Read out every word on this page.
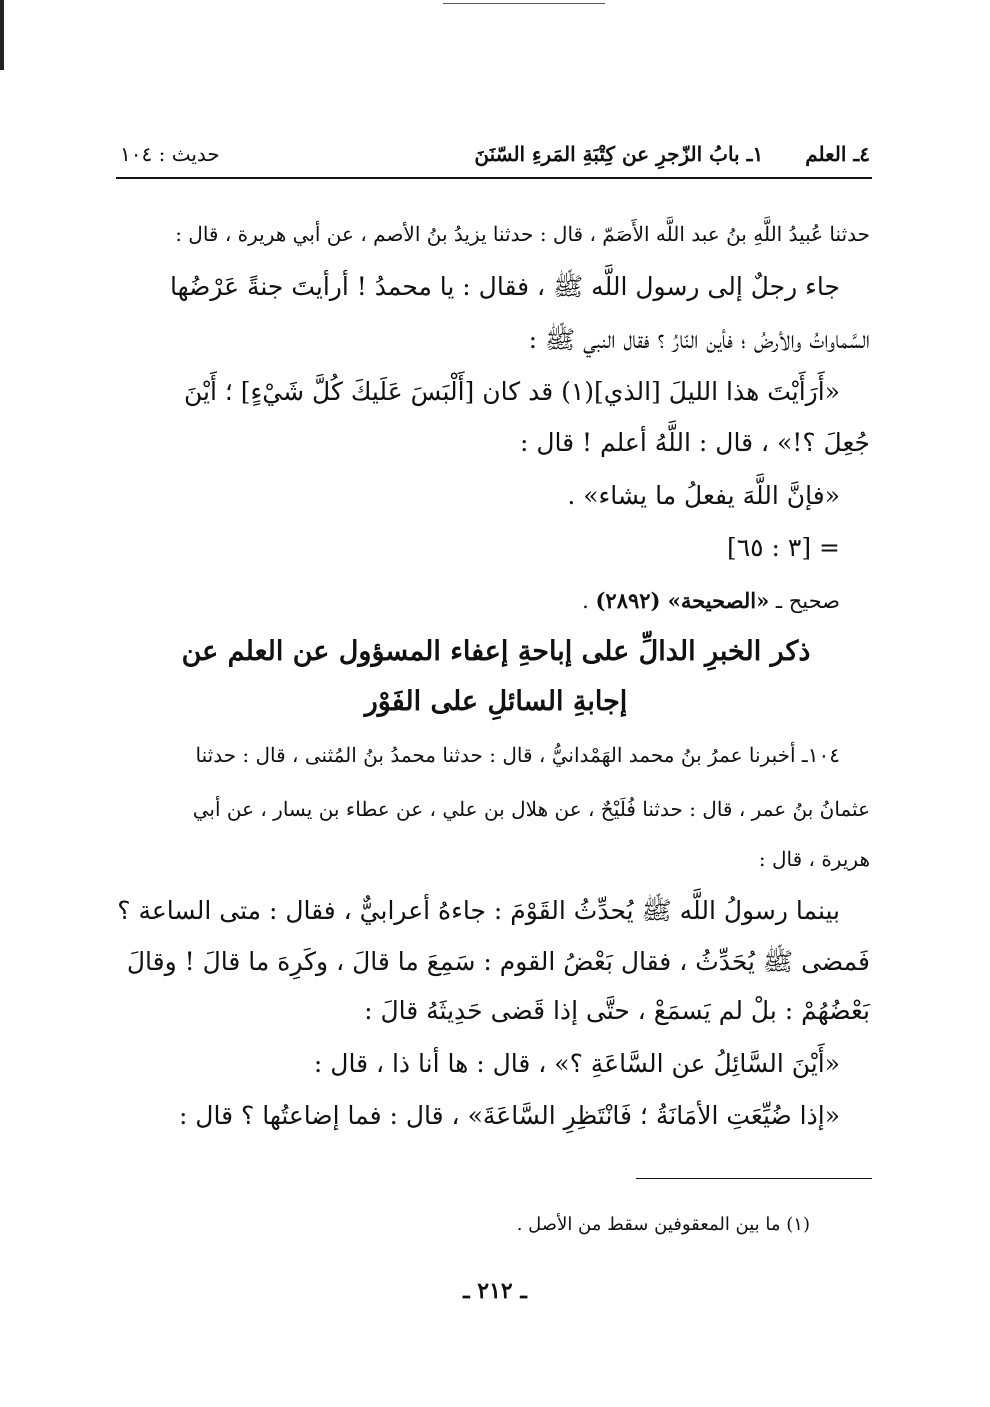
٤ـ العلم
١ـ بابُ الزّجرِ عن كِتْبَةِ المَرءِ السّنَنَ
حديث : ١٠٤
حدثنا عُبيدُ اللَّهِ بنُ عبد اللَّه الأَصَمّ ، قال : حدثنا يزيدُ بنُ الأصم ، عن أبي هريرة ، قال :
جاء رجلٌ إلى رسول اللَّه ﷺ ، فقال : يا محمدُ ! أرأيتَ جنةً عَرْضُها
السَّماواتُ والأرضُ ؛ فأين النّارُ ؟ فقال النبي ﷺ :
«أَرَأَيْتَ هذا الليلَ [الذي](١) قد كان [أَلْبَسَ عَلَيكَ كُلَّ شَيْءٍ] ؛ أَيْنَ
جُعِلَ ؟!» ، قال : اللَّهُ أعلم ! قال :
«فإنَّ اللَّهَ يفعلُ ما يشاء» .
= [٣ : ٦٥]
صحيح ـ «الصحيحة» (٢٨٩٢) .
ذكر الخبرِ الدالِّ على إباحةِ إعفاء المسؤول عن العلم عن
إجابةِ السائلِ على الفَوْر
١٠٤ـ أخبرنا عمرُ بنُ محمد الهَمْدانيُّ ، قال : حدثنا محمدُ بنُ المُثنى ، قال : حدثنا
عثمانُ بنُ عمر ، قال : حدثنا فُلَيْحٌ ، عن هلال بن علي ، عن عطاء بن يسار ، عن أبي
هريرة ، قال :
بينما رسولُ اللَّه ﷺ يُحدِّثُ القَوْمَ : جاءهُ أعرابيٌّ ، فقال : متى الساعة ؟
فَمضى ﷺ يُحَدِّثُ ، فقال بَعْضُ القوم : سَمِعَ ما قالَ ، وكَرِهَ ما قالَ ! وقالَ
بَعْضُهُمْ : بلْ لم يَسمَعْ ، حتَّى إذا قَضى حَدِيثَهُ قالَ :
«أَيْنَ السَّائِلُ عن السَّاعَةِ ؟» ، قال : ها أنا ذا ، قال :
«إذا ضُيِّعَتِ الأمَانَةُ ؛ فَانْتَظِرِ السَّاعَةَ» ، قال : فما إضاعتُها ؟ قال :
(١) ما بين المعقوفين سقط من الأصل .
ـ ٢١٢ ـ
